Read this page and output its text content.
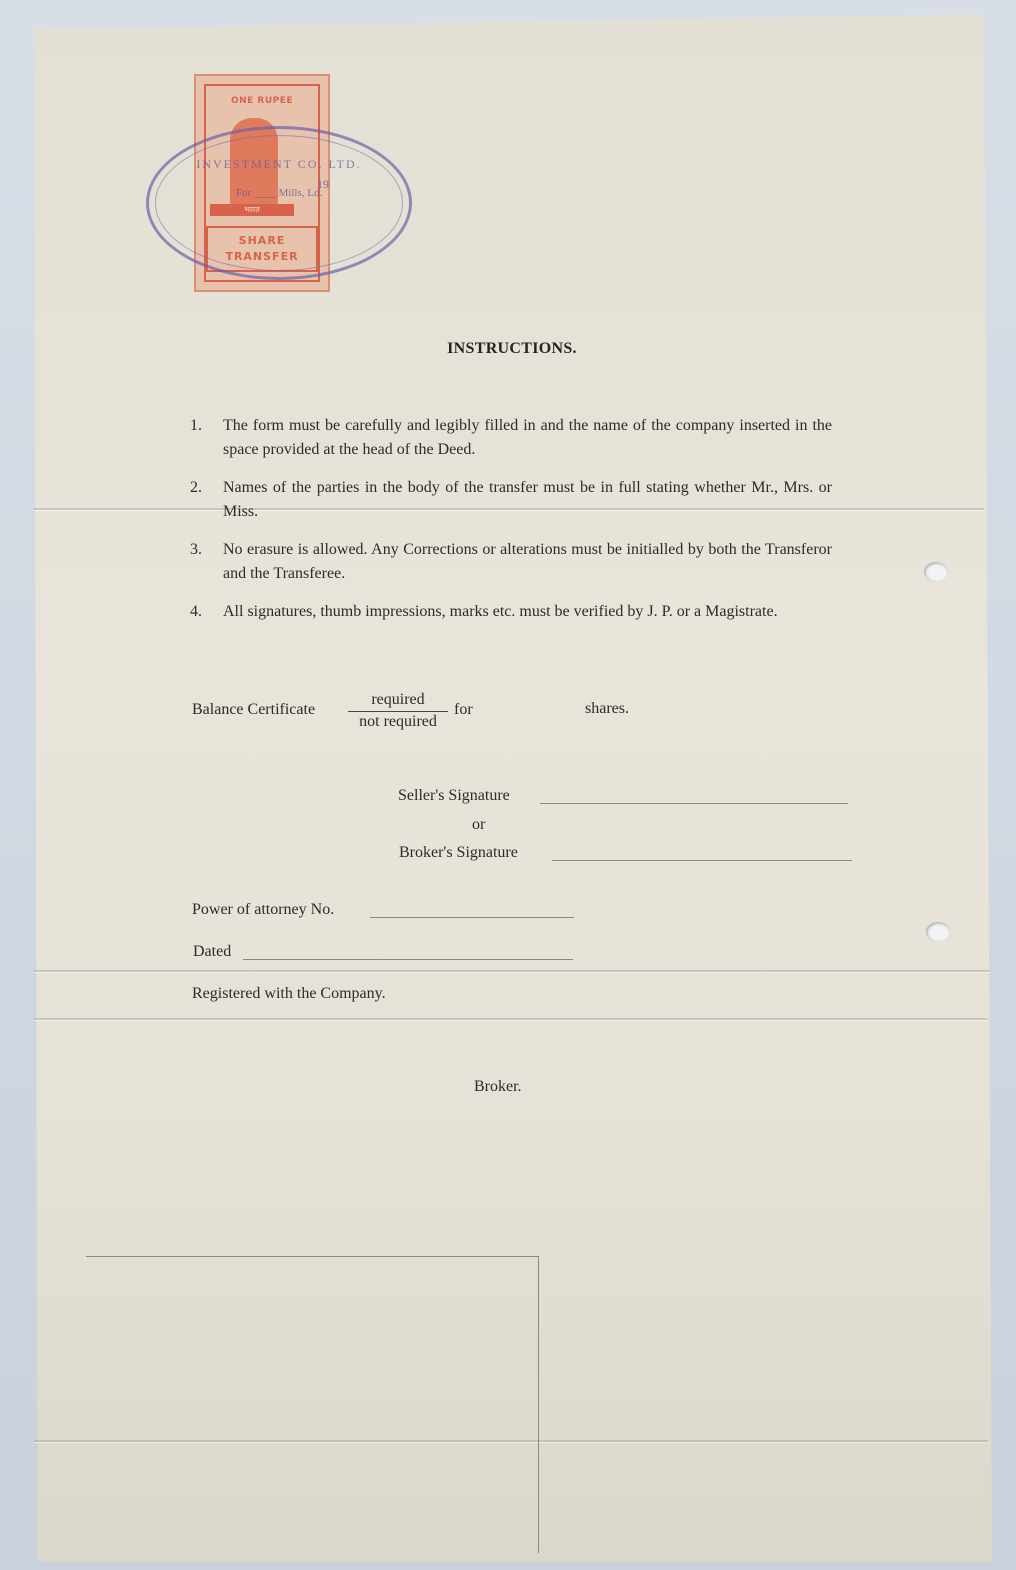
ONE RUPEE
भारत
SHARE
TRANSFER
INVESTMENT CO. LTD.
19
For ____ Mills, Ld.
INSTRUCTIONS.
1.	The form must be carefully and legibly filled in and the name of the company inserted in the space provided at the head of the Deed.
2.	Names of the parties in the body of the transfer must be in full stating whether Mr., Mrs. or Miss.
3.	No erasure is allowed. Any Corrections or alterations must be initialled by both the Transferor and the Transferee.
4.	All signatures, thumb impressions, marks etc. must be verified by J. P. or a Magistrate.
Balance Certificate
required
not required
for	shares.
Seller's Signature
or
Broker's Signature
Power of attorney No.
Dated
Registered with the Company.
Broker.
